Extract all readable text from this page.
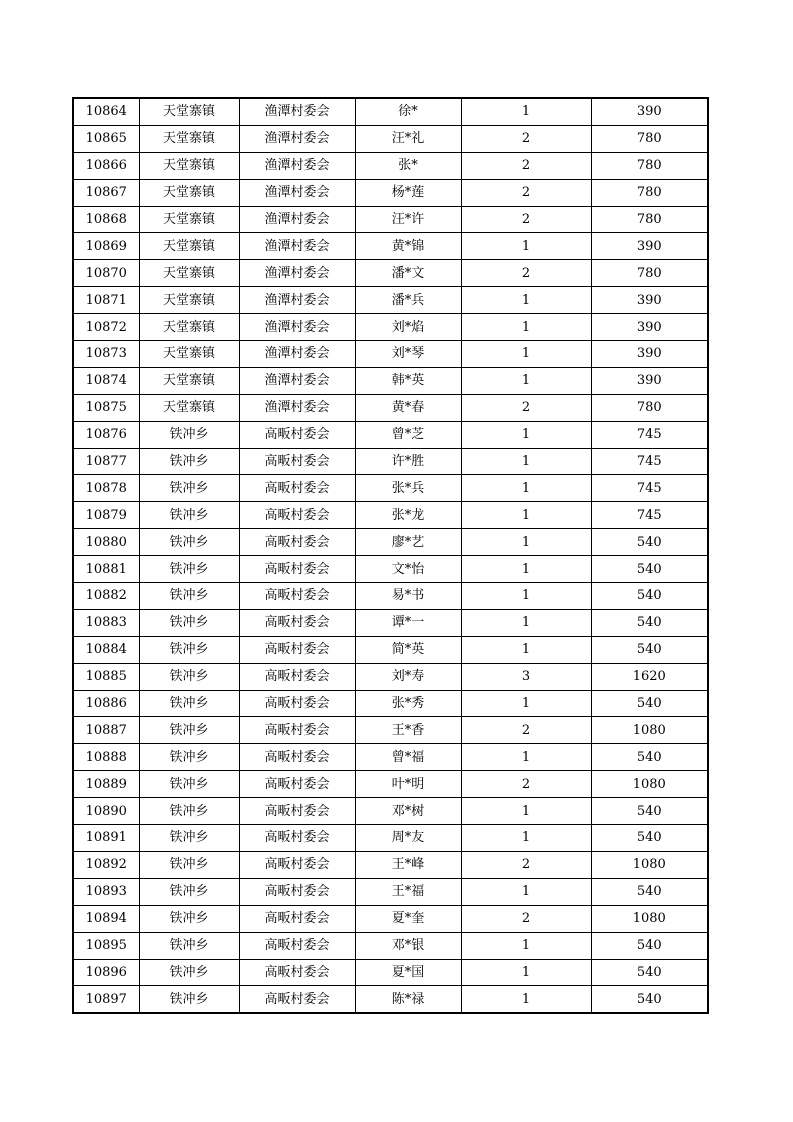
10864	天堂寨镇	渔潭村委会	徐*	1	390
10865	天堂寨镇	渔潭村委会	汪*礼	2	780
10866	天堂寨镇	渔潭村委会	张*	2	780
10867	天堂寨镇	渔潭村委会	杨*莲	2	780
10868	天堂寨镇	渔潭村委会	汪*许	2	780
10869	天堂寨镇	渔潭村委会	黄*锦	1	390
10870	天堂寨镇	渔潭村委会	潘*文	2	780
10871	天堂寨镇	渔潭村委会	潘*兵	1	390
10872	天堂寨镇	渔潭村委会	刘*焰	1	390
10873	天堂寨镇	渔潭村委会	刘*琴	1	390
10874	天堂寨镇	渔潭村委会	韩*英	1	390
10875	天堂寨镇	渔潭村委会	黄*春	2	780
10876	铁冲乡	高畈村委会	曾*芝	1	745
10877	铁冲乡	高畈村委会	许*胜	1	745
10878	铁冲乡	高畈村委会	张*兵	1	745
10879	铁冲乡	高畈村委会	张*龙	1	745
10880	铁冲乡	高畈村委会	廖*艺	1	540
10881	铁冲乡	高畈村委会	文*怡	1	540
10882	铁冲乡	高畈村委会	易*书	1	540
10883	铁冲乡	高畈村委会	谭*一	1	540
10884	铁冲乡	高畈村委会	简*英	1	540
10885	铁冲乡	高畈村委会	刘*寿	3	1620
10886	铁冲乡	高畈村委会	张*秀	1	540
10887	铁冲乡	高畈村委会	王*香	2	1080
10888	铁冲乡	高畈村委会	曾*福	1	540
10889	铁冲乡	高畈村委会	叶*明	2	1080
10890	铁冲乡	高畈村委会	邓*树	1	540
10891	铁冲乡	高畈村委会	周*友	1	540
10892	铁冲乡	高畈村委会	王*峰	2	1080
10893	铁冲乡	高畈村委会	王*福	1	540
10894	铁冲乡	高畈村委会	夏*奎	2	1080
10895	铁冲乡	高畈村委会	邓*银	1	540
10896	铁冲乡	高畈村委会	夏*国	1	540
10897	铁冲乡	高畈村委会	陈*禄	1	540
